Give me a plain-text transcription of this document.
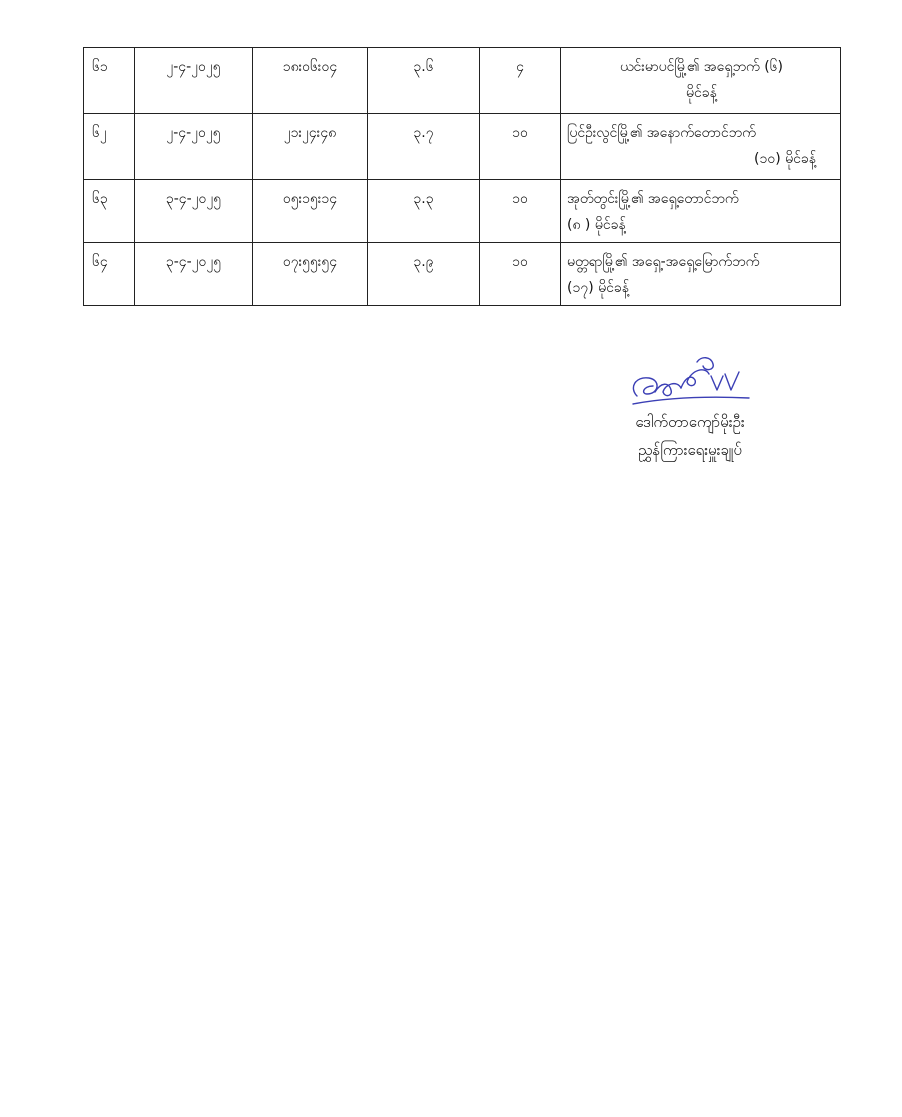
၆၁	၂-၄-၂၀၂၅	၁၈း၀၆း၀၄	၃.၆	၄	ယင်းမာပင်မြို့၏ အရှေ့ဘက် (၆)
မိုင်ခန့်

၆၂	၂-၄-၂၀၂၅	၂၁း၂၄း၄၈	၃.၇	၁၀	ပြင်ဦးလွင်မြို့၏ အနောက်တောင်ဘက်
(၁၀) မိုင်ခန့်

၆၃	၃-၄-၂၀၂၅	၀၅း၁၅း၁၄	၃.၃	၁၀	အုတ်တွင်းမြို့၏ အရှေ့တောင်ဘက်
(၈ ) မိုင်ခန့်

၆၄	၃-၄-၂၀၂၅	၀၇း၅၅း၅၄	၃.၉	၁၀	မတ္တရာမြို့၏ အရှေ့-အရှေ့မြောက်ဘက်
(၁၇) မိုင်ခန့်
ဒေါက်တာကျော်မိုးဦး
ညွှန်ကြားရေးမှူးချုပ်
